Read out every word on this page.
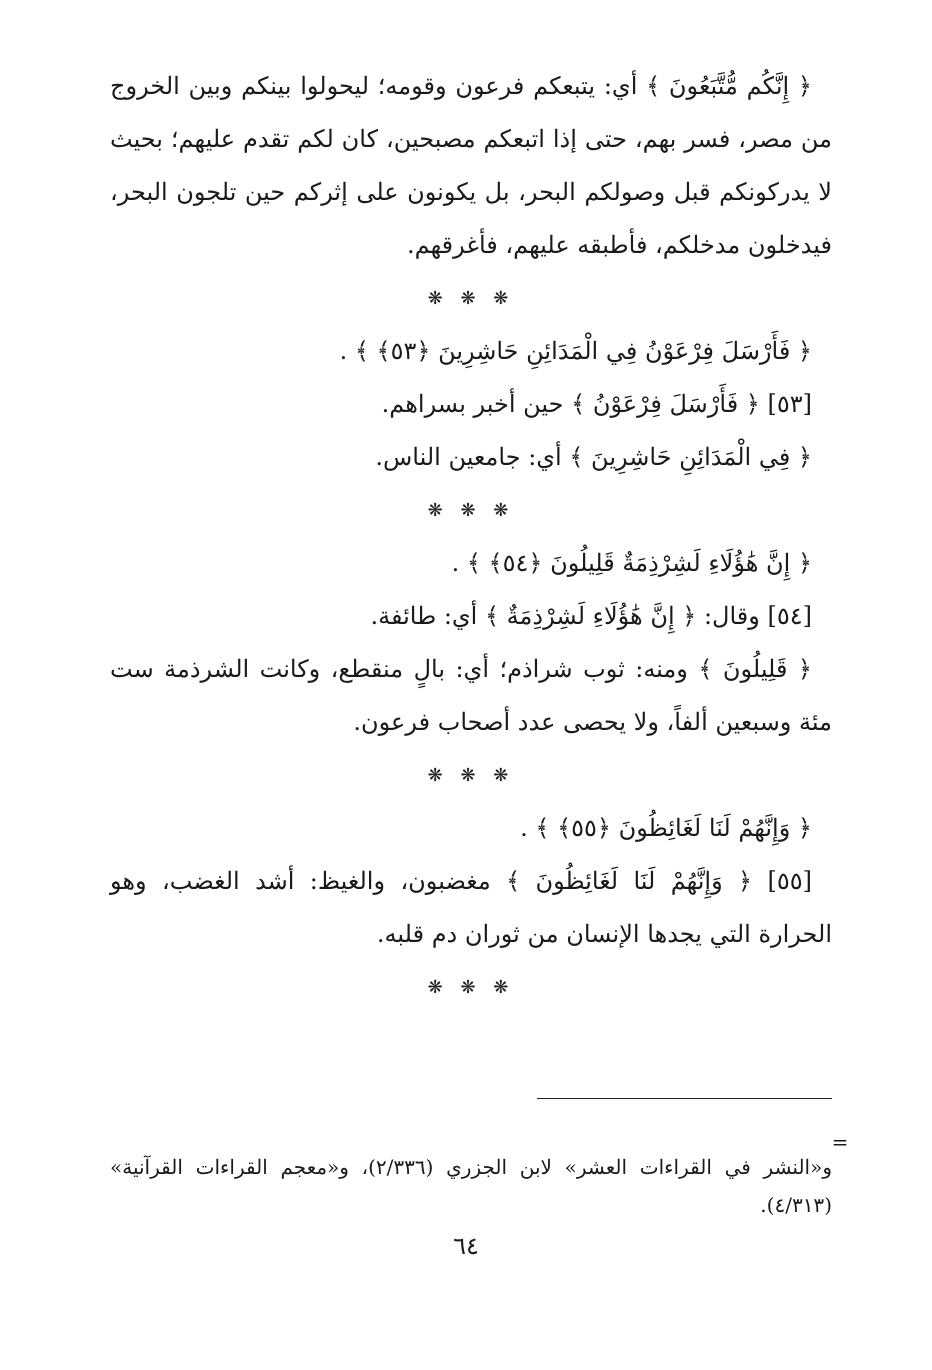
﴿ إِنَّكُم مُّتَّبَعُونَ ﴾ أي: يتبعكم فرعون وقومه؛ ليحولوا بينكم وبين الخروج من مصر، فسر بهم، حتى إذا اتبعكم مصبحين، كان لكم تقدم عليهم؛ بحيث لا يدركونكم قبل وصولكم البحر، بل يكونون على إثركم حين تلجون البحر، فيدخلون مدخلكم، فأطبقه عليهم، فأغرقهم.

❋ ❋ ❋

﴿ فَأَرْسَلَ فِرْعَوْنُ فِي الْمَدَائِنِ حَاشِرِينَ ﴿٥٣﴾ ﴾ .

[٥٣] ﴿ فَأَرْسَلَ فِرْعَوْنُ ﴾ حين أخبر بسراهم.

﴿ فِي الْمَدَائِنِ حَاشِرِينَ ﴾ أي: جامعين الناس.

❋ ❋ ❋

﴿ إِنَّ هَٰؤُلَاءِ لَشِرْذِمَةٌ قَلِيلُونَ ﴿٥٤﴾ ﴾ .

[٥٤] وقال: ﴿ إِنَّ هَٰؤُلَاءِ لَشِرْذِمَةٌ ﴾ أي: طائفة.

﴿ قَلِيلُونَ ﴾ ومنه: ثوب شراذم؛ أي: بالٍ منقطع، وكانت الشرذمة ست مئة وسبعين ألفاً، ولا يحصى عدد أصحاب فرعون.

❋ ❋ ❋

﴿ وَإِنَّهُمْ لَنَا لَغَائِظُونَ ﴿٥٥﴾ ﴾ .

[٥٥] ﴿ وَإِنَّهُمْ لَنَا لَغَائِظُونَ ﴾ مغضبون، والغيظ: أشد الغضب، وهو الحرارة التي يجدها الإنسان من ثوران دم قلبه.

❋ ❋ ❋
=

و«النشر في القراءات العشر» لابن الجزري (٢/٣٣٦)، و«معجم القراءات القرآنية» (٤/٣١٣).

٦٤
